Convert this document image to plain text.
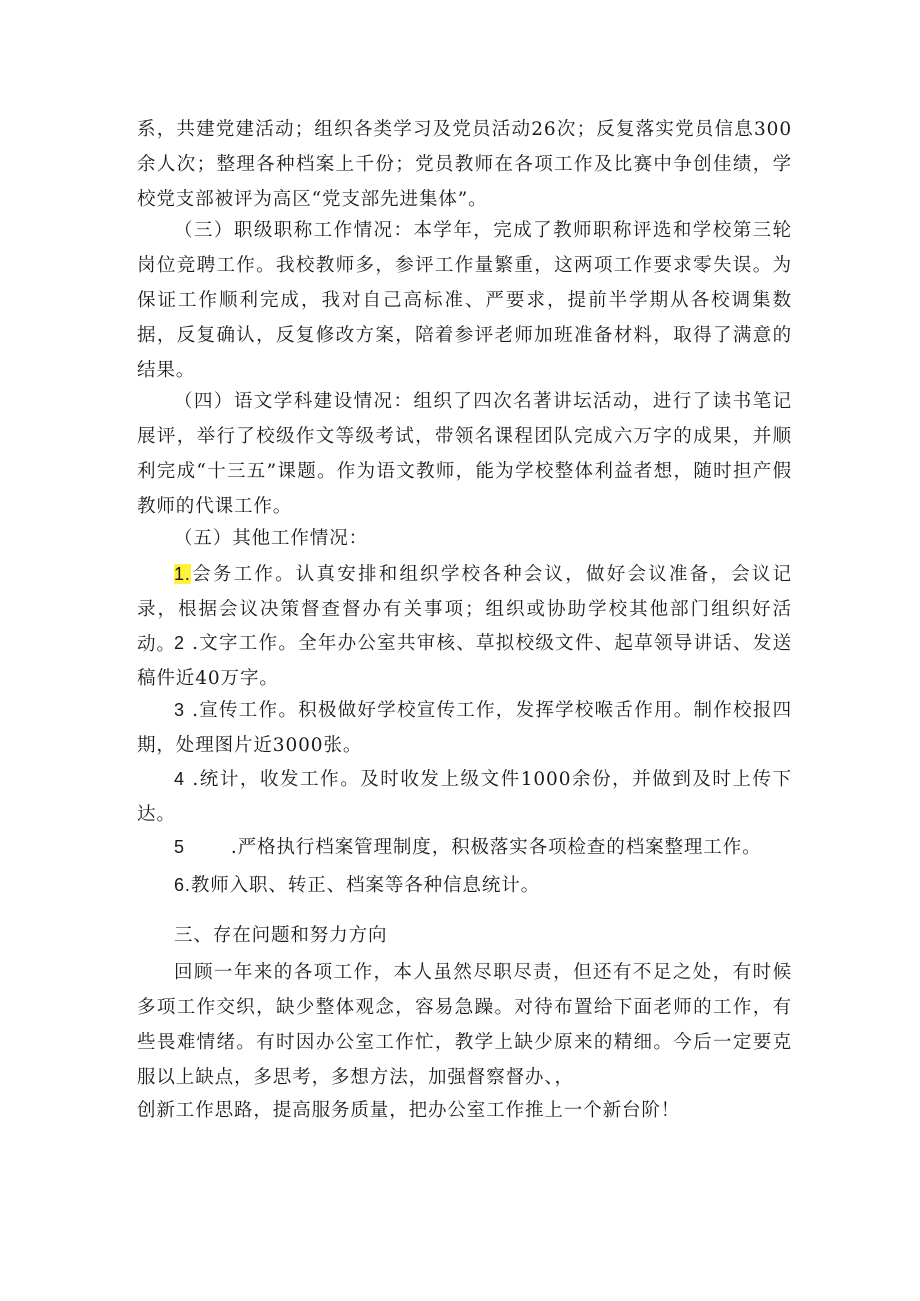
系，共建党建活动；组织各类学习及党员活动26次；反复落实党员信息300余人次；整理各种档案上千份；党员教师在各项工作及比赛中争创佳绩，学校党支部被评为高区“党支部先进集体”。

（三）职级职称工作情况：本学年，完成了教师职称评选和学校第三轮岗位竞聘工作。我校教师多，参评工作量繁重，这两项工作要求零失误。为保证工作顺利完成，我对自己高标准、严要求，提前半学期从各校调集数据，反复确认，反复修改方案，陪着参评老师加班准备材料，取得了满意的结果。

（四）语文学科建设情况：组织了四次名著讲坛活动，进行了读书笔记展评，举行了校级作文等级考试，带领名课程团队完成六万字的成果，并顺利完成“十三五”课题。作为语文教师，能为学校整体利益者想，随时担产假教师的代课工作。

（五）其他工作情况：

1.会务工作。认真安排和组织学校各种会议，做好会议准备，会议记录，根据会议决策督查督办有关事项；组织或协助学校其他部门组织好活动。

2 .文字工作。全年办公室共审核、草拟校级文件、起草领导讲话、发送稿件近40万字。

3 .宣传工作。积极做好学校宣传工作，发挥学校喉舌作用。制作校报四期，处理图片近3000张。

4 .统计，收发工作。及时收发上级文件1000余份，并做到及时上传下达。

5 .严格执行档案管理制度，积极落实各项检查的档案整理工作。

6.教师入职、转正、档案等各种信息统计。

三、存在问题和努力方向

回顾一年来的各项工作，本人虽然尽职尽责，但还有不足之处，有时候多项工作交织，缺少整体观念，容易急躁。对待布置给下面老师的工作，有些畏难情绪。有时因办公室工作忙，教学上缺少原来的精细。今后一定要克服以上缺点，多思考，多想方法，加强督察督办、，

创新工作思路，提高服务质量，把办公室工作推上一个新台阶！
